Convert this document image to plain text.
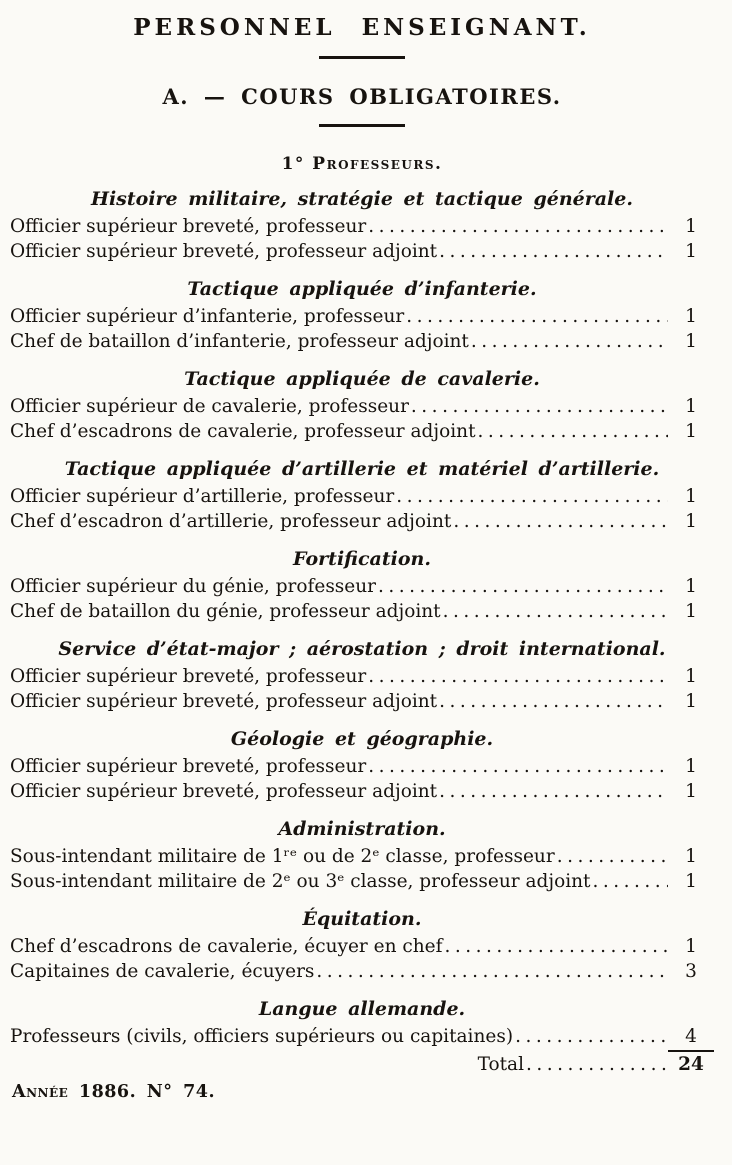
PERSONNEL ENSEIGNANT.
A. — COURS OBLIGATOIRES.
1° Professeurs.
Histoire militaire, stratégie et tactique générale.
Officier supérieur breveté, professeur .....	1
Officier supérieur breveté, professeur adjoint .....	1
Tactique appliquée d’infanterie.
Officier supérieur d’infanterie, professeur .....	1
Chef de bataillon d’infanterie, professeur adjoint .....	1
Tactique appliquée de cavalerie.
Officier supérieur de cavalerie, professeur .....	1
Chef d’escadrons de cavalerie, professeur adjoint .....	1
Tactique appliquée d’artillerie et matériel d’artillerie.
Officier supérieur d’artillerie, professeur .....	1
Chef d’escadron d’artillerie, professeur adjoint .....	1
Fortification.
Officier supérieur du génie, professeur .....	1
Chef de bataillon du génie, professeur adjoint .....	1
Service d’état-major ; aérostation ; droit international.
Officier supérieur breveté, professeur .....	1
Officier supérieur breveté, professeur adjoint .....	1
Géologie et géographie.
Officier supérieur breveté, professeur .....	1
Officier supérieur breveté, professeur adjoint .....	1
Administration.
Sous-intendant militaire de 1ʳᵉ ou de 2ᵉ classe, professeur .....	1
Sous-intendant militaire de 2ᵉ ou 3ᵉ classe, professeur adjoint .....	1
Équitation.
Chef d’escadrons de cavalerie, écuyer en chef .....	1
Capitaines de cavalerie, écuyers .....	3
Langue allemande.
Professeurs (civils, officiers supérieurs ou capitaines) .....	4
Total .....	24
Année 1886. N° 74.
